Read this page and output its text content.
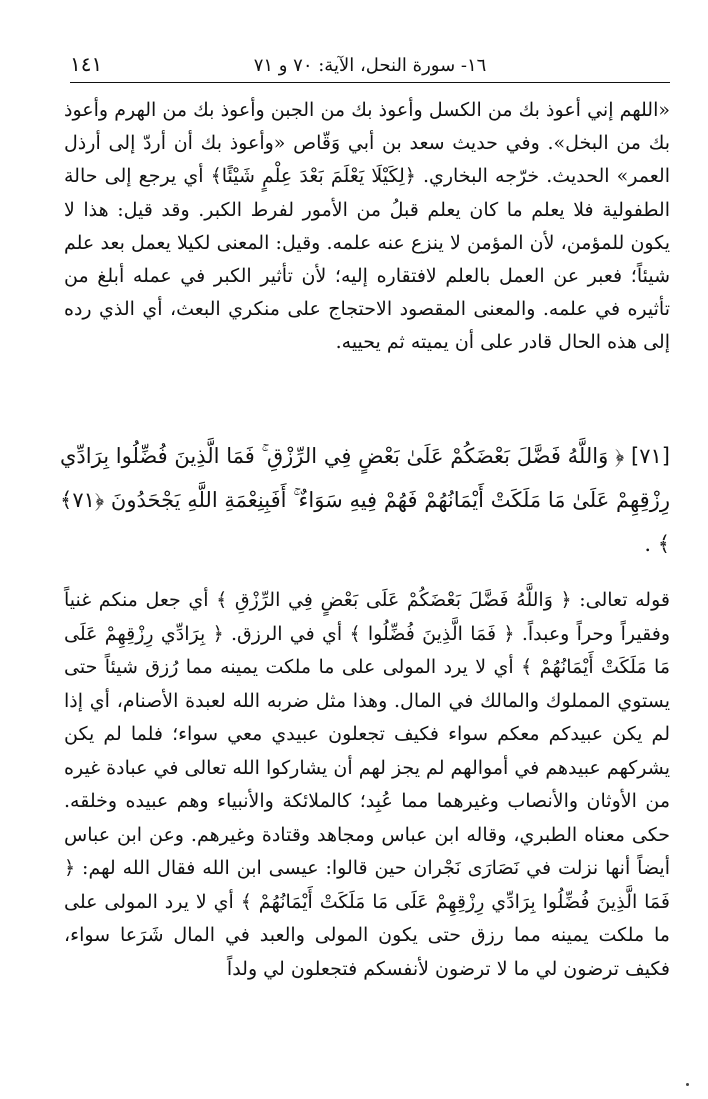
١٦- سورة النحل، الآية: ٧٠ و ٧١
١٤١

«اللهم إني أعوذ بك من الكسل وأعوذ بك من الجبن وأعوذ بك من الهرم وأعوذ بك من البخل». وفي حديث سعد بن أبي وَقّاص «وأعوذ بك أن أردّ إلى أرذل العمر» الحديث. خرّجه البخاري. ﴿لِكَيْلَا يَعْلَمَ بَعْدَ عِلْمٍ شَيْئًا﴾ أي يرجع إلى حالة الطفولية فلا يعلم ما كان يعلم قبلُ من الأمور لفرط الكبر. وقد قيل: هذا لا يكون للمؤمن، لأن المؤمن لا ينزع عنه علمه. وقيل: المعنى لكيلا يعمل بعد علم شيئاً؛ فعبر عن العمل بالعلم لافتقاره إليه؛ لأن تأثير الكبر في عمله أبلغ من تأثيره في علمه. والمعنى المقصود الاحتجاج على منكري البعث، أي الذي رده إلى هذه الحال قادر على أن يميته ثم يحييه.

[٧١] ﴿ وَاللَّهُ فَضَّلَ بَعْضَكُمْ عَلَىٰ بَعْضٍ فِي الرِّزْقِ ۚ فَمَا الَّذِينَ فُضِّلُوا بِرَادِّي رِزْقِهِمْ عَلَىٰ مَا مَلَكَتْ أَيْمَانُهُمْ فَهُمْ فِيهِ سَوَاءٌ ۚ أَفَبِنِعْمَةِ اللَّهِ يَجْحَدُونَ ﴿٧١﴾ ﴾ .

قوله تعالى: ﴿ وَاللَّهُ فَضَّلَ بَعْضَكُمْ عَلَى بَعْضٍ فِي الرِّزْقِ ﴾ أي جعل منكم غنياً وفقيراً وحراً وعبداً. ﴿ فَمَا الَّذِينَ فُضِّلُوا ﴾ أي في الرزق. ﴿ بِرَادِّي رِزْقِهِمْ عَلَى مَا مَلَكَتْ أَيْمَانُهُمْ ﴾ أي لا يرد المولى على ما ملكت يمينه مما رُزق شيئاً حتى يستوي المملوك والمالك في المال. وهذا مثل ضربه الله لعبدة الأصنام، أي إذا لم يكن عبيدكم معكم سواء فكيف تجعلون عبيدي معي سواء؛ فلما لم يكن يشركهم عبيدهم في أموالهم لم يجز لهم أن يشاركوا الله تعالى في عبادة غيره من الأوثان والأنصاب وغيرهما مما عُبِد؛ كالملائكة والأنبياء وهم عبيده وخلقه. حكى معناه الطبري، وقاله ابن عباس ومجاهد وقتادة وغيرهم. وعن ابن عباس أيضاً أنها نزلت في نَصَارَى نَجْران حين قالوا: عيسى ابن الله فقال الله لهم: ﴿ فَمَا الَّذِينَ فُضِّلُوا بِرَادِّي رِزْقِهِمْ عَلَى مَا مَلَكَتْ أَيْمَانُهُمْ ﴾ أي لا يرد المولى على ما ملكت يمينه مما رزق حتى يكون المولى والعبد في المال شَرَعا سواء، فكيف ترضون لي ما لا ترضون لأنفسكم فتجعلون لي ولداً
